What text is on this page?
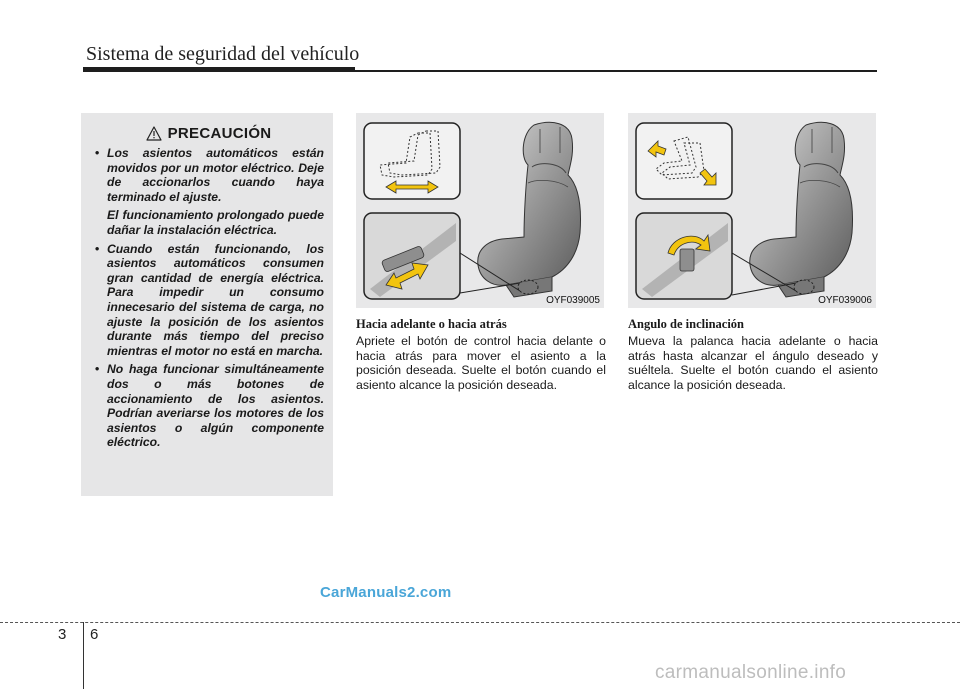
Sistema de seguridad del vehículo
PRECAUCIÓN
• Los asientos automáticos están movidos por un motor eléctrico. Deje de accionarlos cuando haya terminado el ajuste.

El funcionamiento prolongado puede dañar la instalación eléctrica.

• Cuando están funcionando, los asientos automáticos consumen gran cantidad de energía eléctrica. Para impedir un consumo innecesario del sistema de carga, no ajuste la posición de los asientos durante más tiempo del preciso mientras el motor no está en marcha.

• No haga funcionar simultáneamente dos o más botones de accionamiento de los asientos. Podrían averiarse los motores de los asientos o algún componente eléctrico.

OYF039005	OYF039006
Hacia adelante o hacia atrás

Apriete el botón de control hacia delante o hacia atrás para mover el asiento a la posición deseada. Suelte el botón cuando el asiento alcance la posición deseada.

Angulo de inclinación

Mueva la palanca hacia adelante o hacia atrás hasta alcanzar el ángulo deseado y suéltela. Suelte el botón cuando el asiento alcance la posición deseada.

CarManuals2.com
3 6
carmanualsonline.info
